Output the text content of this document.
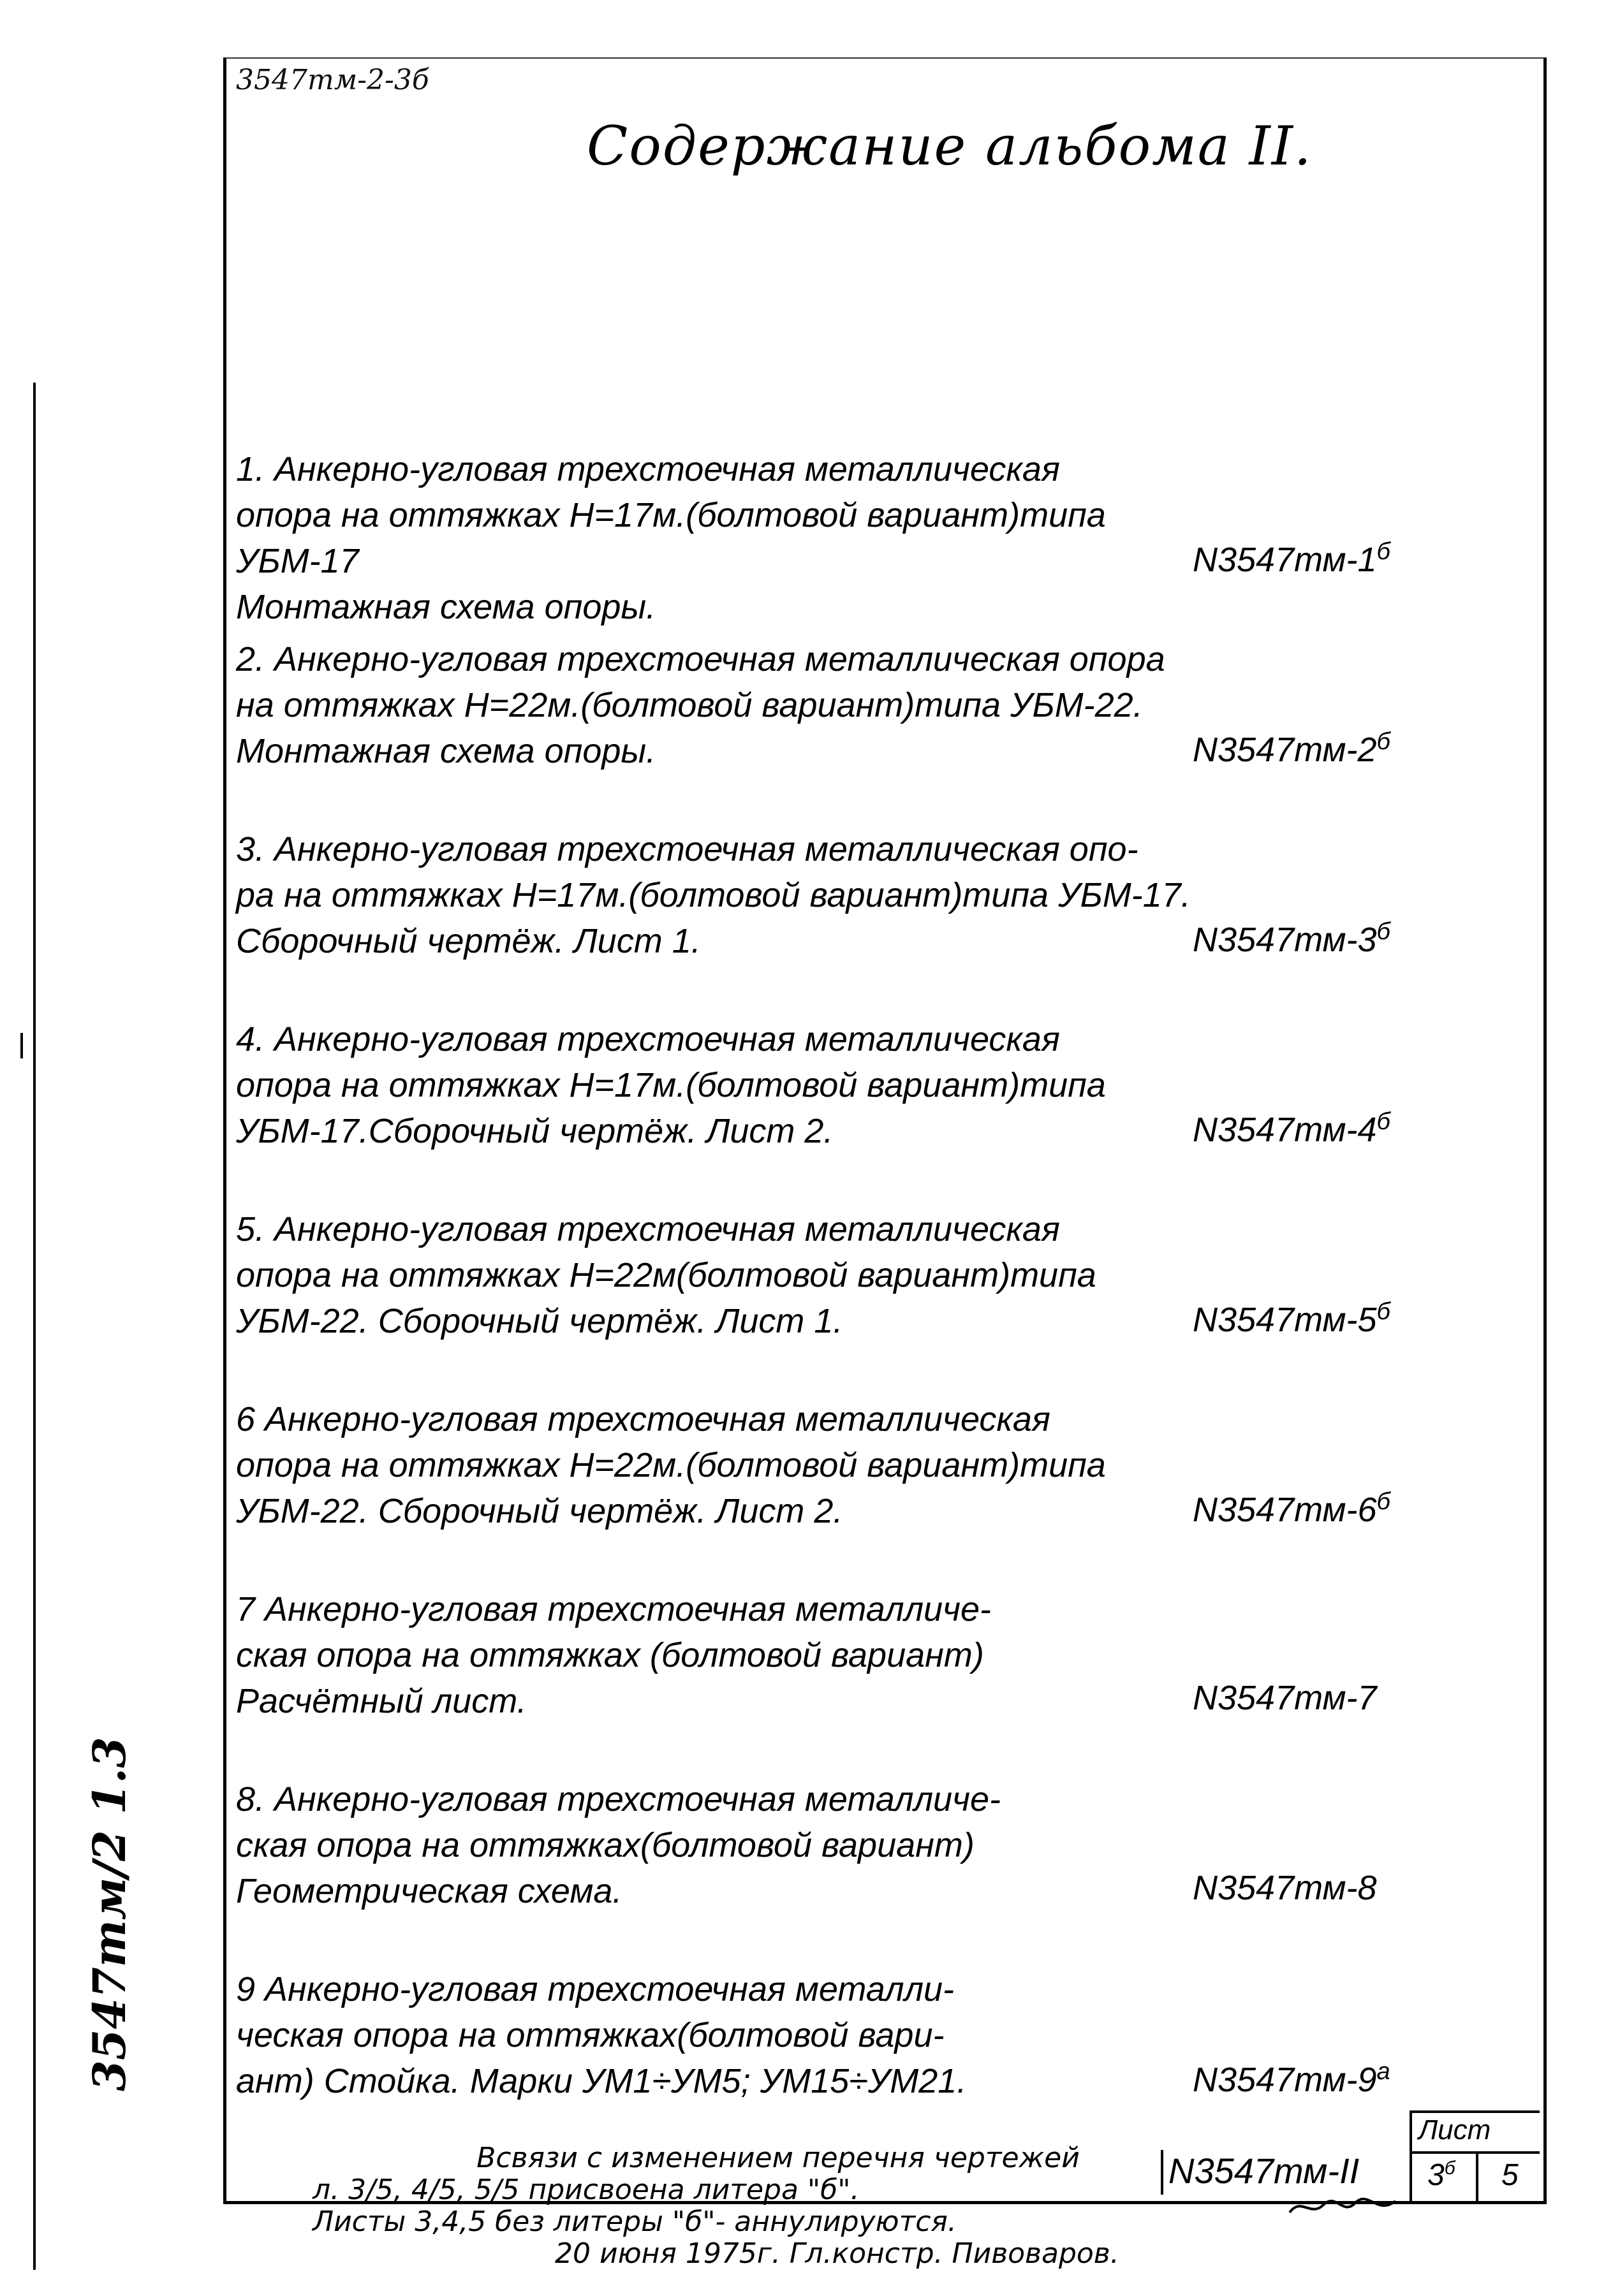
3547тм-2-3б
Содержание альбома II.
3547тм/2 1.3
1. Анкерно-угловая трехстоечная металлическая
опора на оттяжках Н=17м.(болтовой вариант)типа УБМ-17
Монтажная схема опоры.
$N3547тм-1^б$
2. Анкерно-угловая трехстоечная металлическая опора
на оттяжках Н=22м.(болтовой вариант)типа УБМ-22.
Монтажная схема опоры.	$N3547тм-2^б$
3. Анкерно-угловая трехстоечная металлическая опо-
ра на оттяжках Н=17м.(болтовой вариант)типа УБМ-17.
Сборочный чертёж. Лист 1.	$N3547тм-3^б$
4. Анкерно-угловая трехстоечная металлическая
опора на оттяжках Н=17м.(болтовой вариант)типа
УБМ-17.Сборочный чертёж. Лист 2.	$N3547тм-4^б$
5. Анкерно-угловая трехстоечная металлическая
опора на оттяжках Н=22м(болтовой вариант)типа
УБМ-22. Сборочный чертёж. Лист 1.	$N3547тм-5^б$
6 Анкерно-угловая трехстоечная металлическая
опора на оттяжках Н=22м.(болтовой вариант)типа
УБМ-22. Сборочный чертёж. Лист 2.	$N3547тм-6^б$
7 Анкерно-угловая трехстоечная металличе-
ская опора на оттяжках (болтовой вариант)
Расчётный лист.	N3547тм-7
8. Анкерно-угловая трехстоечная металличе-
ская опора на оттяжках(болтовой вариант)
Геометрическая схема.	N3547тм-8
9 Анкерно-угловая трехстоечная металли-
ческая опора на оттяжках(болтовой вари-
ант) Стойка. Марки УМ1÷УМ5; УМ15÷УМ21.	$N3547тм-9^а$
Всвязи с изменением перечня чертежей
л. 3/5, 4/5, 5/5 присвоена литера "б".
Листы 3,4,5 без литеры "б"- аннулируются.
20 июня 1975г. Гл.констр. Пивоваров.
N3547тм-II
Лист
$3^б$ 5
